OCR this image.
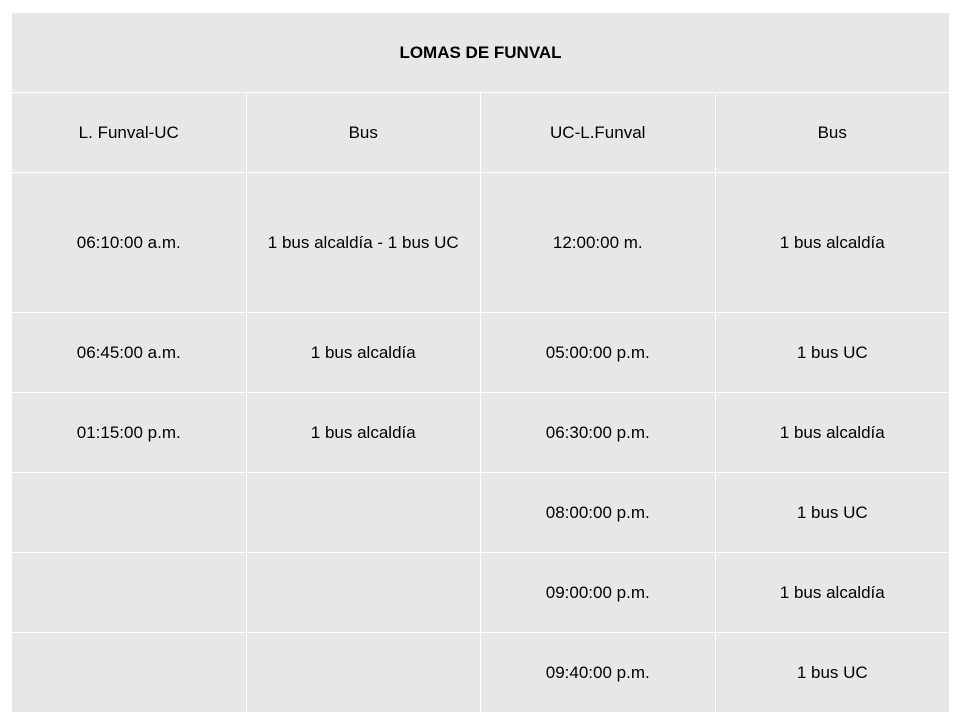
LOMAS DE FUNVAL			
L. Funval-UC	Bus	UC-L.Funval	Bus
06:10:00 a.m.	1 bus alcaldía - 1 bus UC	12:00:00 m.	1 bus alcaldía
06:45:00 a.m.	1 bus alcaldía	05:00:00 p.m.	1 bus UC
01:15:00 p.m.	1 bus alcaldía	06:30:00 p.m.	1 bus alcaldía
		08:00:00 p.m.	1 bus UC
		09:00:00 p.m.	1 bus alcaldía
		09:40:00 p.m.	1 bus UC
